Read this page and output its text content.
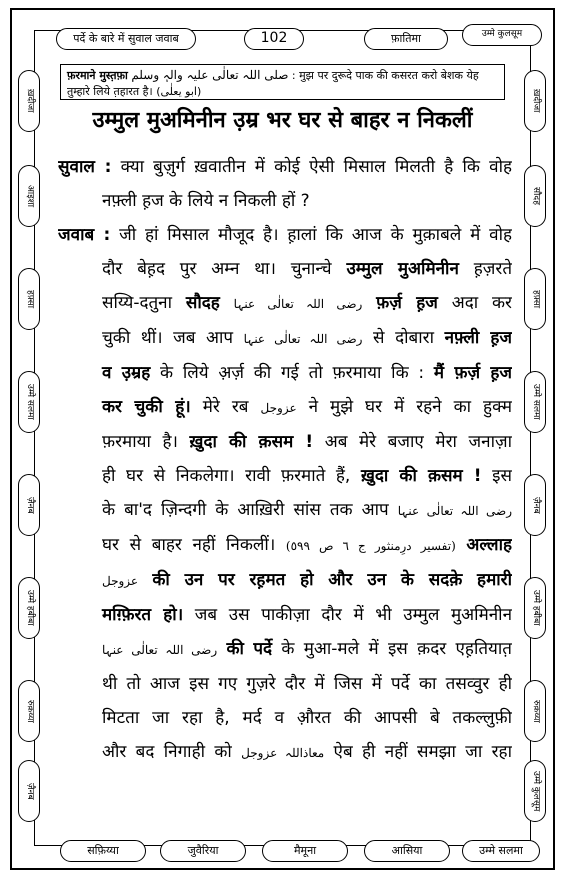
पर्दे के बारे में सुवाल जवाब	102	फ़ातिमा	उम्मे कुलसूम
ख़दीजा
आइशा
हफ़्सा
उम्मे सलमा
ज़ैनब
उम्मे हबीबा
रुक़य्या
ज़ैनब
ख़दीजा
सौदह
हफ़्सा
उम्मे सलमा
ज़ैनब
उम्मे हबीबा
रुक़य्या
उम्मे कुलसूम
सफ़िय्या	जुवैरिया	मैमूना	आसिया	उम्मे सलमा
फ़रमाने मुस्त़फ़ा صلی اللہ تعالٰی علیہ والہٖ وسلم : मुझ पर दुरूदे पाक की कसरत करो बेशक येह तुम्हारे लिये त़हारत है। (ابو یعلٰی)
उम्मुल मुअमिनीन उ़म्र भर घर से बाहर न निकलीं
सुवाल : क्या बुज़ुर्ग ख़वातीन में कोई ऐसी मिसाल मिलती है कि वोह
नफ़्ली ह़ज के लिये न निकली हों ?
जवाब : जी हां मिसाल मौजूद है। ह़ालां कि आज के मुक़ाबले में वोह
दौर बेह़द पुर अम्न था। चुनान्चे उम्मुल मुअमिनीन ह़ज़रते
सय्यि-दतुना सौदह رضی اللہ تعالٰی عنہا फ़र्ज़ ह़ज अदा कर
चुकी थीं। जब आप رضی اللہ تعالٰی عنہا से दोबारा नफ़्ली ह़ज
व उ़म्रह के लिये अ़र्ज़ की गई तो फ़रमाया कि : मैं फ़र्ज़ ह़ज
कर चुकी हूं। मेरे रब عزوجل ने मुझे घर में रहने का हुक्म
फ़रमाया है। ख़ुदा की क़सम ! अब मेरे बजाए मेरा जनाज़ा
ही घर से निकलेगा। रावी फ़रमाते हैं, ख़ुदा की क़सम ! इस
के बा'द ज़िन्दगी के आख़िरी सांस तक आप رضی اللہ تعالٰی عنہا
घर से बाहर नहीं निकलीं। (تفسیر درِمنثور ج ٦ ص ٥٩٩) अल्लाह
عزوجل की उन पर रह़मत हो और उन के सदक़े हमारी
मग़्फ़िरत हो। जब उस पाकीज़ा दौर में भी उम्मुल मुअमिनीन
رضی اللہ تعالٰی عنہا की पर्दे के मुआ-मले में इस क़दर एह़तियात़
थी तो आज इस गए गुज़रे दौर में जिस में पर्दे का तसव्वुर ही
मिटता जा रहा है, मर्द व औ़रत की आपसी बे तकल्लुफ़ी
और बद निगाही को معاذاللہ عزوجل ऐब ही नहीं समझा जा रहा
